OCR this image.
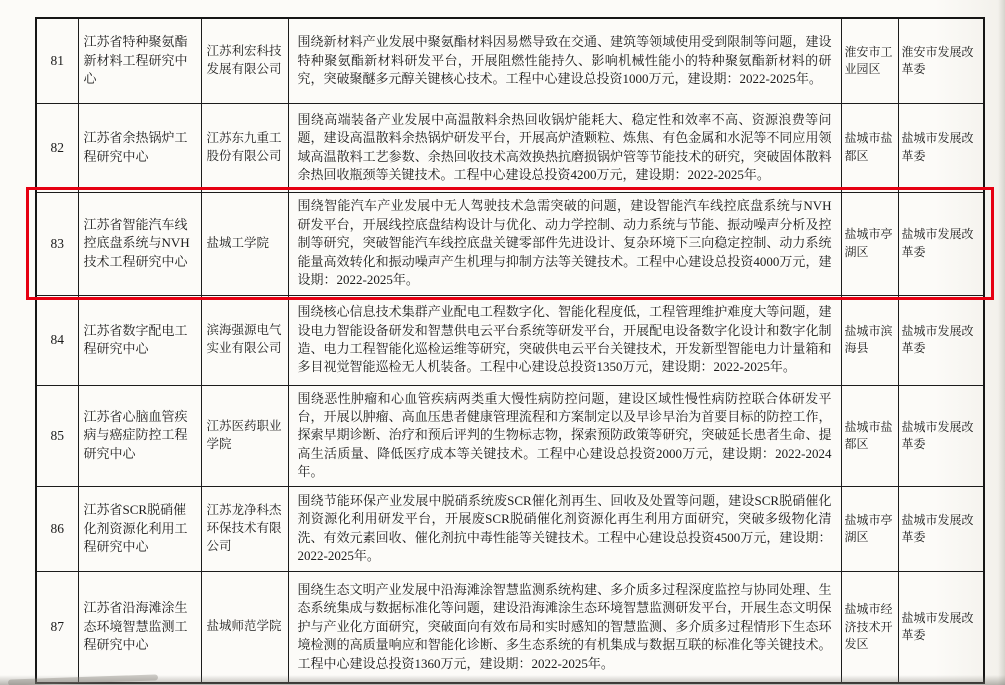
81	江苏省特种聚氨酯新材料工程研究中心	江苏利宏科技发展有限公司	围绕新材料产业发展中聚氨酯材料因易燃导致在交通、建筑等领域使用受到限制等问题，建设特种聚氨酯新材料研发平台，开展阻燃性能持久、影响机械性能小的特种聚氨酯新材料的研究，突破聚醚多元醇关键核心技术。工程中心建设总投资1000万元，建设期：2022-2025年。	淮安市工业园区	淮安市发展改革委
82	江苏省余热锅炉工程研究中心	江苏东九重工股份有限公司	围绕高端装备产业发展中高温散料余热回收锅炉能耗大、稳定性和效率不高、资源浪费等问题，建设高温散料余热锅炉研发平台，开展高炉渣颗粒、炼焦、有色金属和水泥等不同应用领域高温散料工艺参数、余热回收技术高效换热抗磨损锅炉管等节能技术的研究，突破固体散料余热回收瓶颈等关键技术。工程中心建设总投资4200万元，建设期：2022-2025年。	盐城市盐都区	盐城市发展改革委
83	江苏省智能汽车线控底盘系统与NVH技术工程研究中心	盐城工学院	围绕智能汽车产业发展中无人驾驶技术急需突破的问题，建设智能汽车线控底盘系统与NVH研发平台，开展线控底盘结构设计与优化、动力学控制、动力系统与节能、振动噪声分析及控制等研究，突破智能汽车线控底盘关键零部件先进设计、复杂环境下三向稳定控制、动力系统能量高效转化和振动噪声产生机理与抑制方法等关键技术。工程中心建设总投资4000万元，建设期：2022-2025年。	盐城市亭湖区	盐城市发展改革委
84	江苏省数字配电工程研究中心	滨海强源电气实业有限公司	围绕核心信息技术集群产业配电工程数字化、智能化程度低，工程管理维护难度大等问题，建设电力智能设备研发和智慧供电云平台系统等研发平台，开展配电设备数字化设计和数字化制造、电力工程智能化巡检运维等研究，突破供电云平台关键技术，开发新型智能电力计量箱和多目视觉智能巡检无人机装备。工程中心建设总投资1350万元，建设期：2022-2025年。	盐城市滨海县	盐城市发展改革委
85	江苏省心脑血管疾病与癌症防控工程研究中心	江苏医药职业学院	围绕恶性肿瘤和心血管疾病两类重大慢性病防控问题，建设区域性慢性病防控联合体研发平台，开展以肿瘤、高血压患者健康管理流程和方案制定以及早诊早治为首要目标的防控工作，探索早期诊断、治疗和预后评判的生物标志物，探索预防政策等研究，突破延长患者生命、提高生活质量、降低医疗成本等关键技术。工程中心建设总投资2000万元，建设期：2022-2024年。	盐城市盐都区	盐城市发展改革委
86	江苏省SCR脱硝催化剂资源化利用工程研究中心	江苏龙净科杰环保技术有限公司	围绕节能环保产业发展中脱硝系统废SCR催化剂再生、回收及处置等问题，建设SCR脱硝催化剂资源化利用研发平台，开展废SCR脱硝催化剂资源化再生利用方面研究，突破多级物化清洗、有效元素回收、催化剂抗中毒性能等关键技术。工程中心建设总投资4500万元，建设期：2022-2025年。	盐城市亭湖区	盐城市发展改革委
87	江苏省沿海滩涂生态环境智慧监测工程研究中心	盐城师范学院	围绕生态文明产业发展中沿海滩涂智慧监测系统构建、多介质多过程深度监控与协同处理、生态系统集成与数据标准化等问题，建设沿海滩涂生态环境智慧监测研发平台，开展生态文明保护与产业化方面研究，突破面向有效布局和实时感知的智慧监测、多介质多过程情形下生态环境检测的高质量响应和智能化诊断、多生态系统的有机集成与数据互联的标准化等关键技术。工程中心建设总投资1360万元，建设期：2022-2025年。	盐城市经济技术开发区	盐城市发展改革委
